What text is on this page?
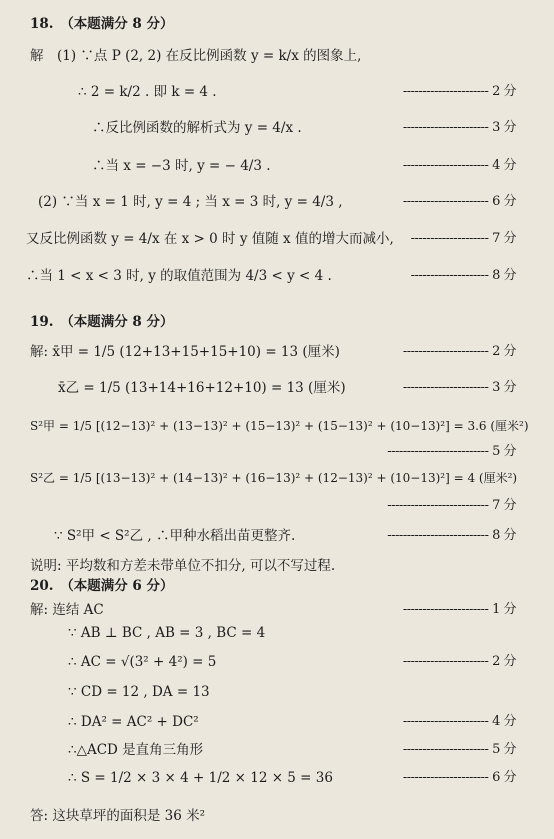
18.　（本题满分 8 分）
解　(1) ∵点 P (2, 2) 在反比例函数 y = k/x 的图象上,
∴ 2 = k/2 . 即 k = 4 .	---------------------- 2 分
∴反比例函数的解析式为 y = 4/x .	---------------------- 3 分
∴当 x = −3 时, y = − 4/3 .	---------------------- 4 分
(2) ∵当 x = 1 时, y = 4 ; 当 x = 3 时, y = 4/3 ,	---------------------- 6 分
又反比例函数 y = 4/x 在 x > 0 时 y 值随 x 值的增大而减小, -------------------- 7 分
∴当 1 < x < 3 时, y 的取值范围为 4/3 < y < 4 .	-------------------- 8 分
19.　（本题满分 8 分）
解: x̄甲 = 1/5 (12+13+15+15+10) = 13 (厘米)	---------------------- 2 分
x̄乙 = 1/5 (13+14+16+12+10) = 13 (厘米)	---------------------- 3 分
S²甲 = 1/5 [(12−13)² + (13−13)² + (15−13)² + (15−13)² + (10−13)²] = 3.6 (厘米²)
-------------------------- 5 分
S²乙 = 1/5 [(13−13)² + (14−13)² + (16−13)² + (12−13)² + (10−13)²] = 4 (厘米²)
-------------------------- 7 分
∵ S²甲 < S²乙 , ∴甲种水稻出苗更整齐.	-------------------------- 8 分
说明: 平均数和方差未带单位不扣分, 可以不写过程.
20.　（本题满分 6 分）
解: 连结 AC	---------------------- 1 分
∵ AB ⊥ BC , AB = 3 , BC = 4
∴ AC = √(3² + 4²) = 5	---------------------- 2 分
∵ CD = 12 , DA = 13
∴ DA² = AC² + DC²	---------------------- 4 分
∴△ACD 是直角三角形	---------------------- 5 分
∴ S = 1/2 × 3 × 4 + 1/2 × 12 × 5 = 36	---------------------- 6 分
答: 这块草坪的面积是 36 米²
